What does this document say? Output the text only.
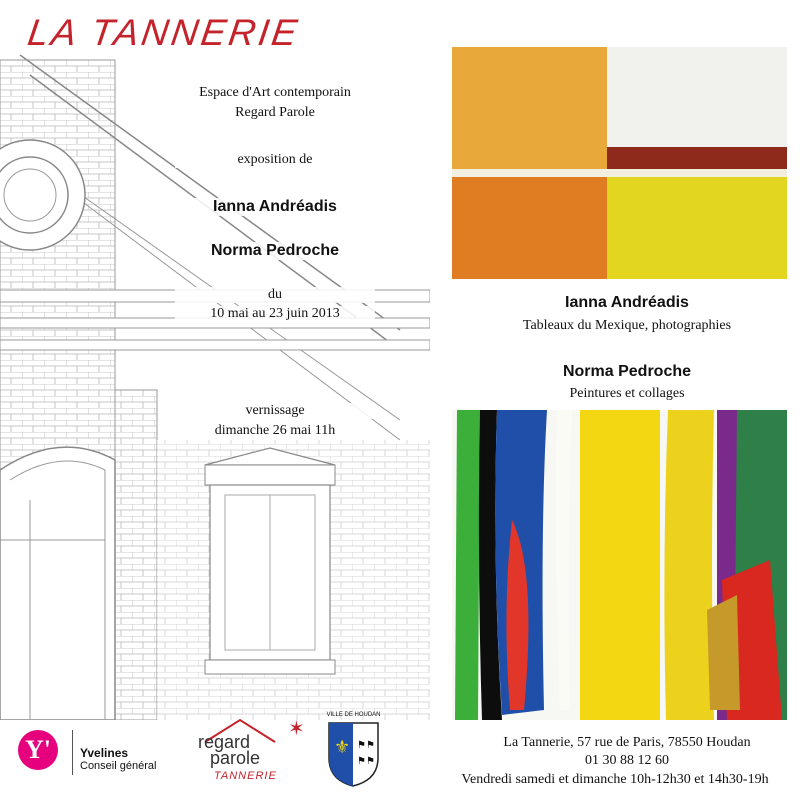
LA TANNERIE
Espace d'Art contemporain
Regard Parole
exposition de
Ianna Andréadis
Norma Pedroche
du
10 mai au 23 juin 2013
vernissage
dimanche 26 mai 11h
Ianna Andréadis
Tableaux du Mexique, photographies
Norma Pedroche
Peintures et collages
La Tannerie, 57 rue de Paris, 78550 Houdan
01 30 88 12 60
Vendredi samedi et dimanche 10h-12h30 et 14h30-19h
Y'	Yvelines
Conseil général
regard
parole
TANNERIE
✶
VILLE DE HOUDAN
⚜ ⚑⚑
⚑⚑
